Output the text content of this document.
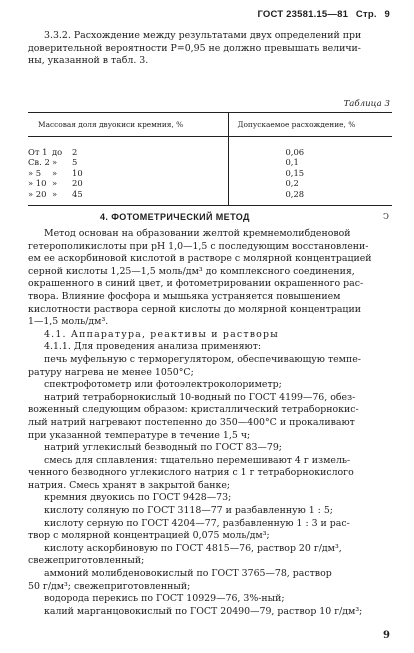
ГОСТ 23581.15—81 Стр. 9
3.3.2. Расхождение между результатами двух определений при
доверительной вероятности P=0,95 не должно превышать величи-
ны, указанной в табл. 3.
Таблица 3
Массовая доля двуокиси кремния, %	Допускаемое расхождение, %
От 1 до 2	0,06
Св. 2 » 5	0,1
» 5 » 10	0,15
» 10 » 20	0,2
» 20 » 45	0,28
4. ФОТОМЕТРИЧЕСКИЙ МЕТОД	ↄ
Метод основан на образовании желтой кремнемолибденовой
гетерополикислоты при pH 1,0—1,5 с последующим восстановлени-
ем ее аскорбиновой кислотой в растворе с молярной концентрацией
серной кислоты 1,25—1,5 моль/дм³ до комплексного соединения,
окрашенного в синий цвет, и фотометрировании окрашенного рас-
твора. Влияние фосфора и мышьяка устраняется повышением
кислотности раствора серной кислоты до молярной концентрации
1—1,5 моль/дм³.
4.1. Аппаратура, реактивы и растворы
4.1.1. Для проведения анализа применяют:
печь муфельную с терморегулятором, обеспечивающую темпе-
ратуру нагрева не менее 1050°С;
спектрофотометр или фотоэлектроколориметр;
натрий тетраборнокислый 10-водный по ГОСТ 4199—76, обез-
воженный следующим образом: кристаллический тетраборнокис-
лый натрий нагревают постепенно до 350—400°С и прокаливают
при указанной температуре в течение 1,5 ч;
натрий углекислый безводный по ГОСТ 83—79;
смесь для сплавления: тщательно перемешивают 4 г измель-
ченного безводного углекислого натрия с 1 г тетраборнокислого
натрия. Смесь хранят в закрытой банке;
кремния двуокись по ГОСТ 9428—73;
кислоту соляную по ГОСТ 3118—77 и разбавленную 1 : 5;
кислоту серную по ГОСТ 4204—77, разбавленную 1 : 3 и рас-
твор с молярной концентрацией 0,075 моль/дм³;
кислоту аскорбиновую по ГОСТ 4815—76, раствор 20 г/дм³,
свежеприготовленный;
аммоний молибденовокислый по ГОСТ 3765—78, раствор
50 г/дм³; свежеприготовленный;
водорода перекись по ГОСТ 10929—76, 3%-ный;
калий марганцовокислый по ГОСТ 20490—79, раствор 10 г/дм³;
9
